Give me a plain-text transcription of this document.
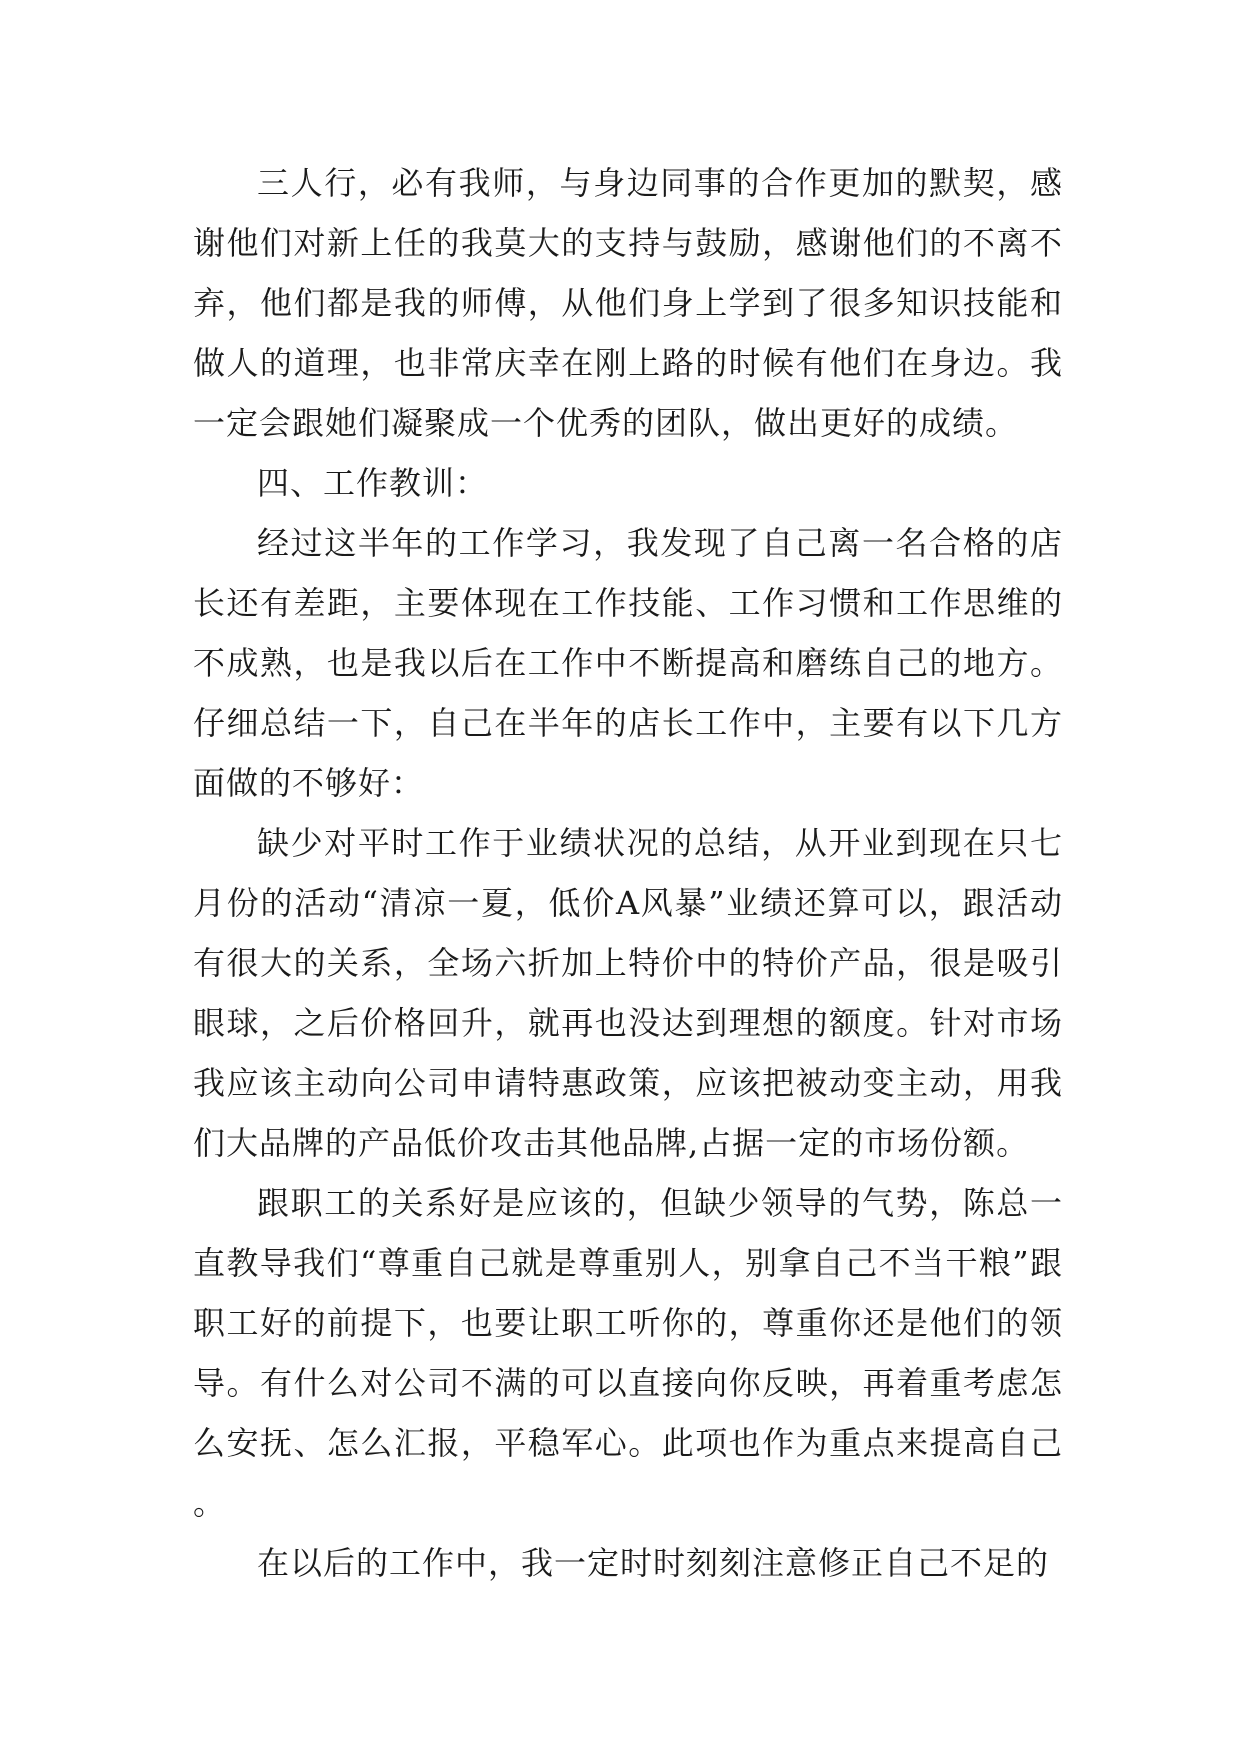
三人行，必有我师，与身边同事的合作更加的默契，感谢他们对新上任的我莫大的支持与鼓励，感谢他们的不离不弃，他们都是我的师傅，从他们身上学到了很多知识技能和做人的道理，也非常庆幸在刚上路的时候有他们在身边。我一定会跟她们凝聚成一个优秀的团队，做出更好的成绩。

四、工作教训：

经过这半年的工作学习，我发现了自己离一名合格的店长还有差距，主要体现在工作技能、工作习惯和工作思维的不成熟，也是我以后在工作中不断提高和磨练自己的地方。仔细总结一下，自己在半年的店长工作中，主要有以下几方面做的不够好：

缺少对平时工作于业绩状况的总结，从开业到现在只七月份的活动“清凉一夏，低价A风暴”业绩还算可以，跟活动有很大的关系，全场六折加上特价中的特价产品，很是吸引眼球，之后价格回升，就再也没达到理想的额度。针对市场我应该主动向公司申请特惠政策，应该把被动变主动，用我们大品牌的产品低价攻击其他品牌,占据一定的市场份额。

跟职工的关系好是应该的，但缺少领导的气势，陈总一直教导我们“尊重自己就是尊重别人，别拿自己不当干粮”跟职工好的前提下，也要让职工听你的，尊重你还是他们的领导。有什么对公司不满的可以直接向你反映，再着重考虑怎么安抚、怎么汇报，平稳军心。此项也作为重点来提高自己。

在以后的工作中，我一定时时刻刻注意修正自己不足的
